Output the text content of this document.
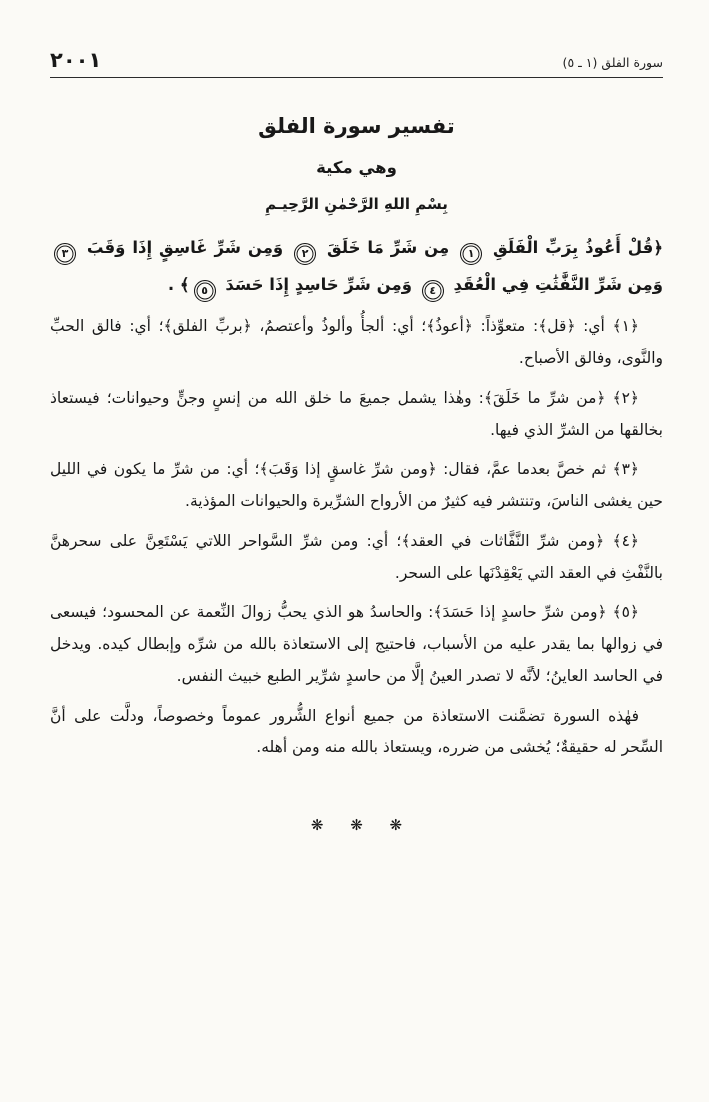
سورة الفلق (١ ـ ٥)
٢٠٠١
تفسير سورة الفلق
وهي مكية
بِسْمِ اللهِ الرَّحْمٰنِ الرَّحِيـمِ

﴿قُلْ أَعُوذُ بِرَبِّ الْفَلَقِ ١ مِن شَرِّ مَا خَلَقَ ٢ وَمِن شَرِّ غَاسِقٍ إِذَا وَقَبَ ٣ وَمِن شَرِّ النَّفَّٰثَٰتِ فِي الْعُقَدِ ٤ وَمِن شَرِّ حَاسِدٍ إِذَا حَسَدَ ٥﴾ .

﴿١﴾ أي: ﴿قل﴾: متعوِّذاً: ﴿أعوذُ﴾؛ أي: ألجأُ وألوذُ وأعتصمُ، ﴿بربِّ الفلق﴾؛ أي: فالق الحبِّ والنَّوى، وفالق الأصباح.

﴿٢﴾ ﴿من شرِّ ما خَلَقَ﴾: وهٰذا يشمل جميعَ ما خلق الله من إنسٍ وجنٍّ وحيوانات؛ فيستعاذ بخالقها من الشرِّ الذي فيها.

﴿٣﴾ ثم خصَّ بعدما عمَّ، فقال: ﴿ومن شرِّ غاسقٍ إذا وَقَبَ﴾؛ أي: من شرِّ ما يكون في الليل حين يغشى الناسَ، وتنتشر فيه كثيرٌ من الأرواح الشرِّيرة والحيوانات المؤذية.

﴿٤﴾ ﴿ومن شرِّ النَّفَّاثات في العقد﴾؛ أي: ومن شرِّ السَّواحر اللاتي يَسْتَعِنَّ على سحرهنَّ بالنَّفْثِ في العقد التي يَعْقِدْنَها على السحر.

﴿٥﴾ ﴿ومن شرِّ حاسدٍ إذا حَسَدَ﴾: والحاسدُ هو الذي يحبُّ زوالَ النِّعمة عن المحسود؛ فيسعى في زوالها بما يقدر عليه من الأسباب، فاحتيج إلى الاستعاذة بالله من شرِّه وإبطال كيده. ويدخل في الحاسد العاينُ؛ لأنَّه لا تصدر العينُ إلَّا من حاسدٍ شرِّير الطبع خبيث النفس.

فهٰذه السورة تضمَّنت الاستعاذة من جميع أنواع الشُّرور عموماً وخصوصاً، ودلَّت على أنَّ السِّحر له حقيقةٌ؛ يُخشى من ضرره، ويستعاذ بالله منه ومن أهله.

❋ ❋ ❋
